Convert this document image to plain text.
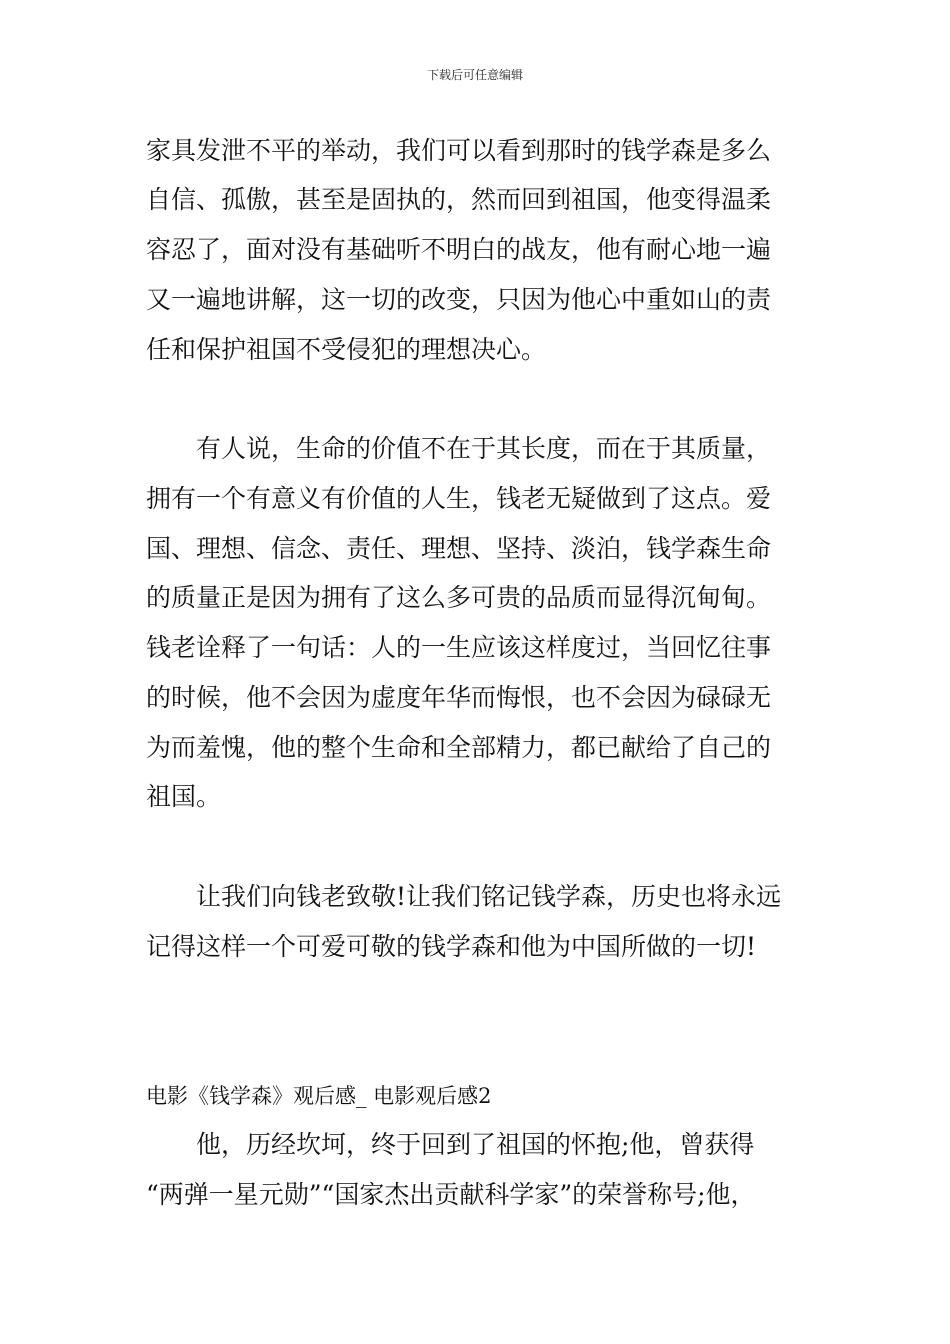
下载后可任意编辑
家具发泄不平的举动，我们可以看到那时的钱学森是多么
自信、孤傲，甚至是固执的，然而回到祖国，他变得温柔
容忍了，面对没有基础听不明白的战友，他有耐心地一遍
又一遍地讲解，这一切的改变，只因为他心中重如山的责
任和保护祖国不受侵犯的理想决心。
有人说，生命的价值不在于其长度，而在于其质量，
拥有一个有意义有价值的人生，钱老无疑做到了这点。爱
国、理想、信念、责任、理想、坚持、淡泊，钱学森生命
的质量正是因为拥有了这么多可贵的品质而显得沉甸甸。
钱老诠释了一句话：人的一生应该这样度过，当回忆往事
的时候，他不会因为虚度年华而悔恨，也不会因为碌碌无
为而羞愧，他的整个生命和全部精力，都已献给了自己的
祖国。
让我们向钱老致敬!让我们铭记钱学森，历史也将永远
记得这样一个可爱可敬的钱学森和他为中国所做的一切!
电影《钱学森》观后感_ 电影观后感2
他，历经坎坷，终于回到了祖国的怀抱;他，曾获得
“两弹一星元勋”“国家杰出贡献科学家”的荣誉称号;他，
